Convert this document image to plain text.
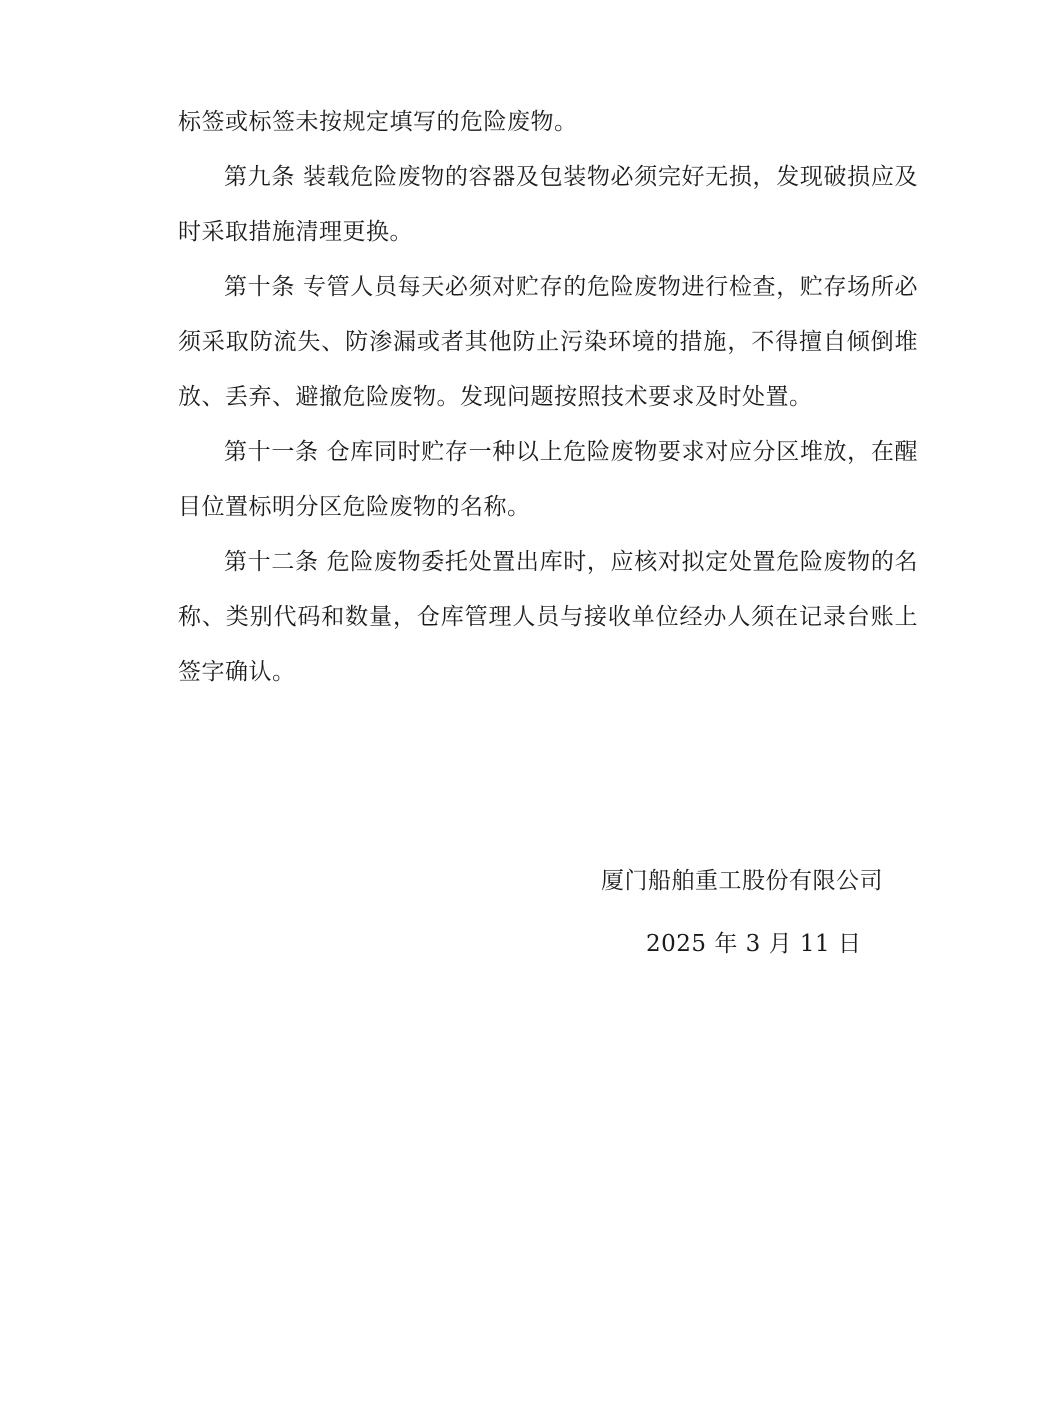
标签或标签未按规定填写的危险废物。

第九条 装载危险废物的容器及包装物必须完好无损，发现破损应及时采取措施清理更换。

第十条 专管人员每天必须对贮存的危险废物进行检查，贮存场所必须采取防流失、防渗漏或者其他防止污染环境的措施，不得擅自倾倒堆放、丢弃、避撤危险废物。发现问题按照技术要求及时处置。

第十一条 仓库同时贮存一种以上危险废物要求对应分区堆放，在醒目位置标明分区危险废物的名称。

第十二条 危险废物委托处置出库时，应核对拟定处置危险废物的名称、类别代码和数量，仓库管理人员与接收单位经办人须在记录台账上签字确认。

厦门船舶重工股份有限公司
2025 年 3 月 11 日
